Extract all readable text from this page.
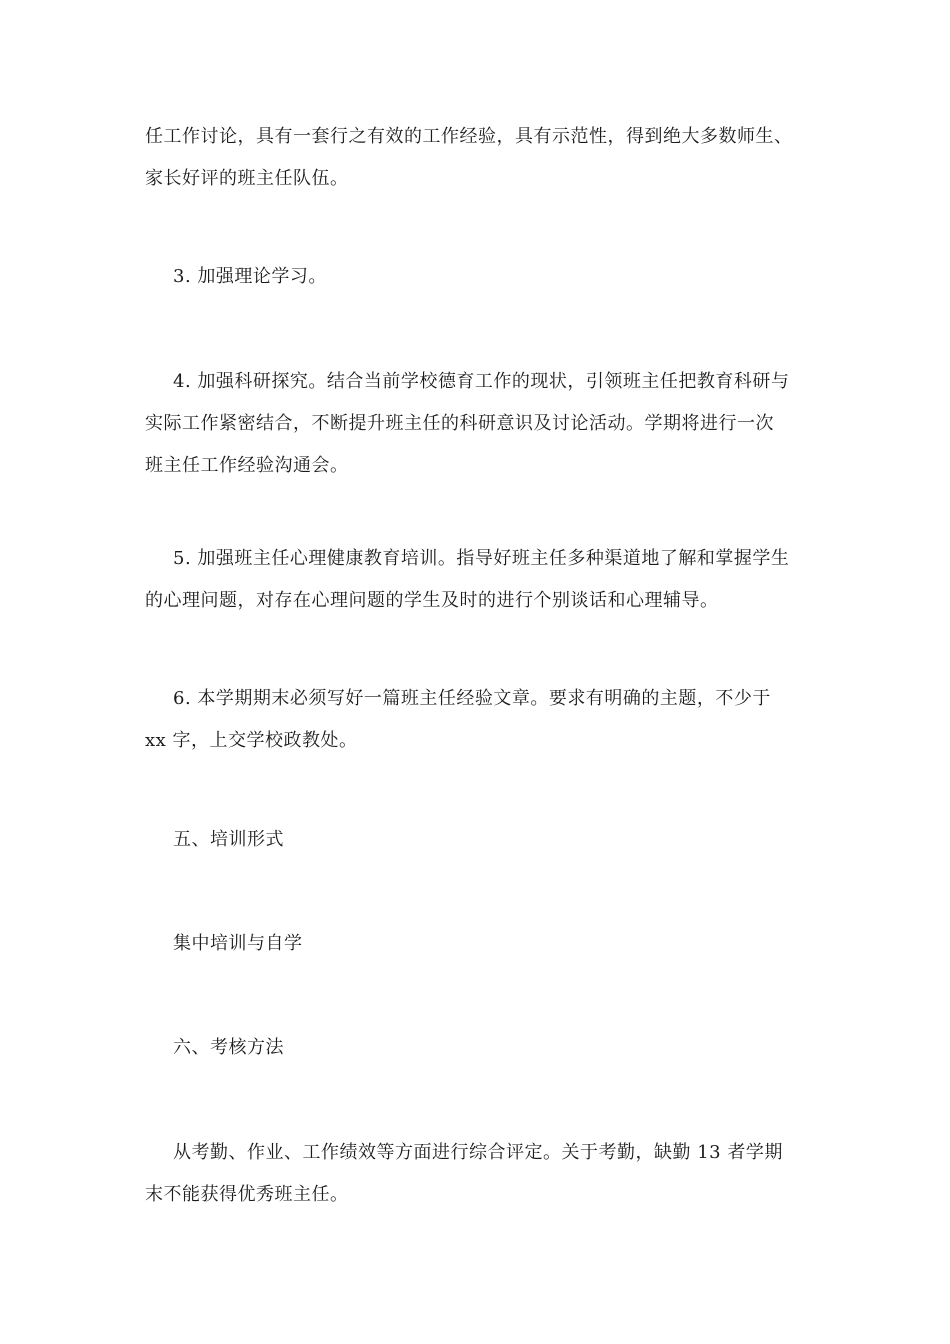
任工作讨论，具有一套行之有效的工作经验，具有示范性，得到绝大多数师生、
家长好评的班主任队伍。

3. 加强理论学习。

4. 加强科研探究。结合当前学校德育工作的现状，引领班主任把教育科研与
实际工作紧密结合，不断提升班主任的科研意识及讨论活动。学期将进行一次
班主任工作经验沟通会。

5. 加强班主任心理健康教育培训。指导好班主任多种渠道地了解和掌握学生
的心理问题，对存在心理问题的学生及时的进行个别谈话和心理辅导。

6. 本学期期末必须写好一篇班主任经验文章。要求有明确的主题，不少于
xx 字，上交学校政教处。

五、培训形式

集中培训与自学

六、考核方法

从考勤、作业、工作绩效等方面进行综合评定。关于考勤，缺勤 13 者学期
末不能获得优秀班主任。
